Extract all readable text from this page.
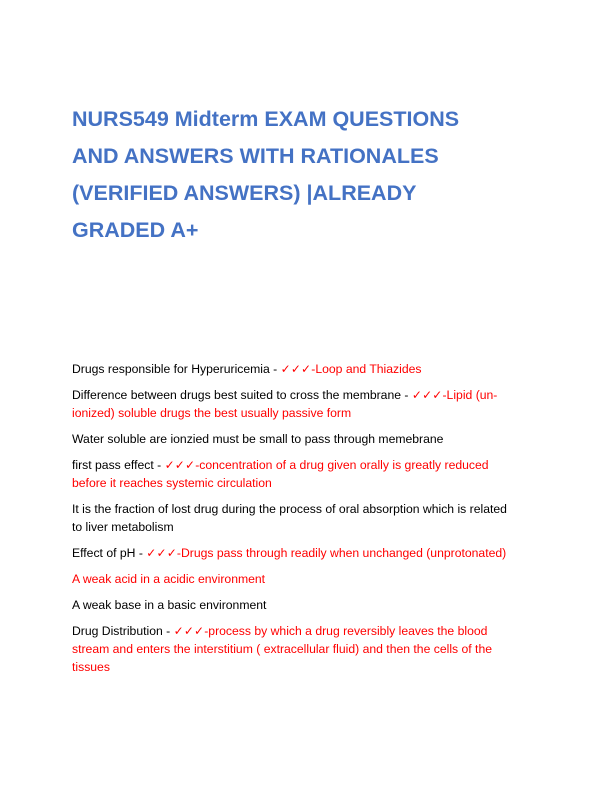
NURS549 Midterm EXAM QUESTIONS
AND ANSWERS WITH RATIONALES
(VERIFIED ANSWERS) |ALREADY
GRADED A+

Drugs responsible for Hyperuricemia - ✓✓✓-Loop and Thiazides

Difference between drugs best suited to cross the membrane - ✓✓✓-Lipid (un-
ionized) soluble drugs the best usually passive form

Water soluble are ionzied must be small to pass through memebrane

first pass effect - ✓✓✓-concentration of a drug given orally is greatly reduced
before it reaches systemic circulation

It is the fraction of lost drug during the process of oral absorption which is related
to liver metabolism

Effect of pH - ✓✓✓-Drugs pass through readily when unchanged (unprotonated)

A weak acid in a acidic environment

A weak base in a basic environment

Drug Distribution - ✓✓✓-process by which a drug reversibly leaves the blood
stream and enters the interstitium ( extracellular fluid) and then the cells of the
tissues
